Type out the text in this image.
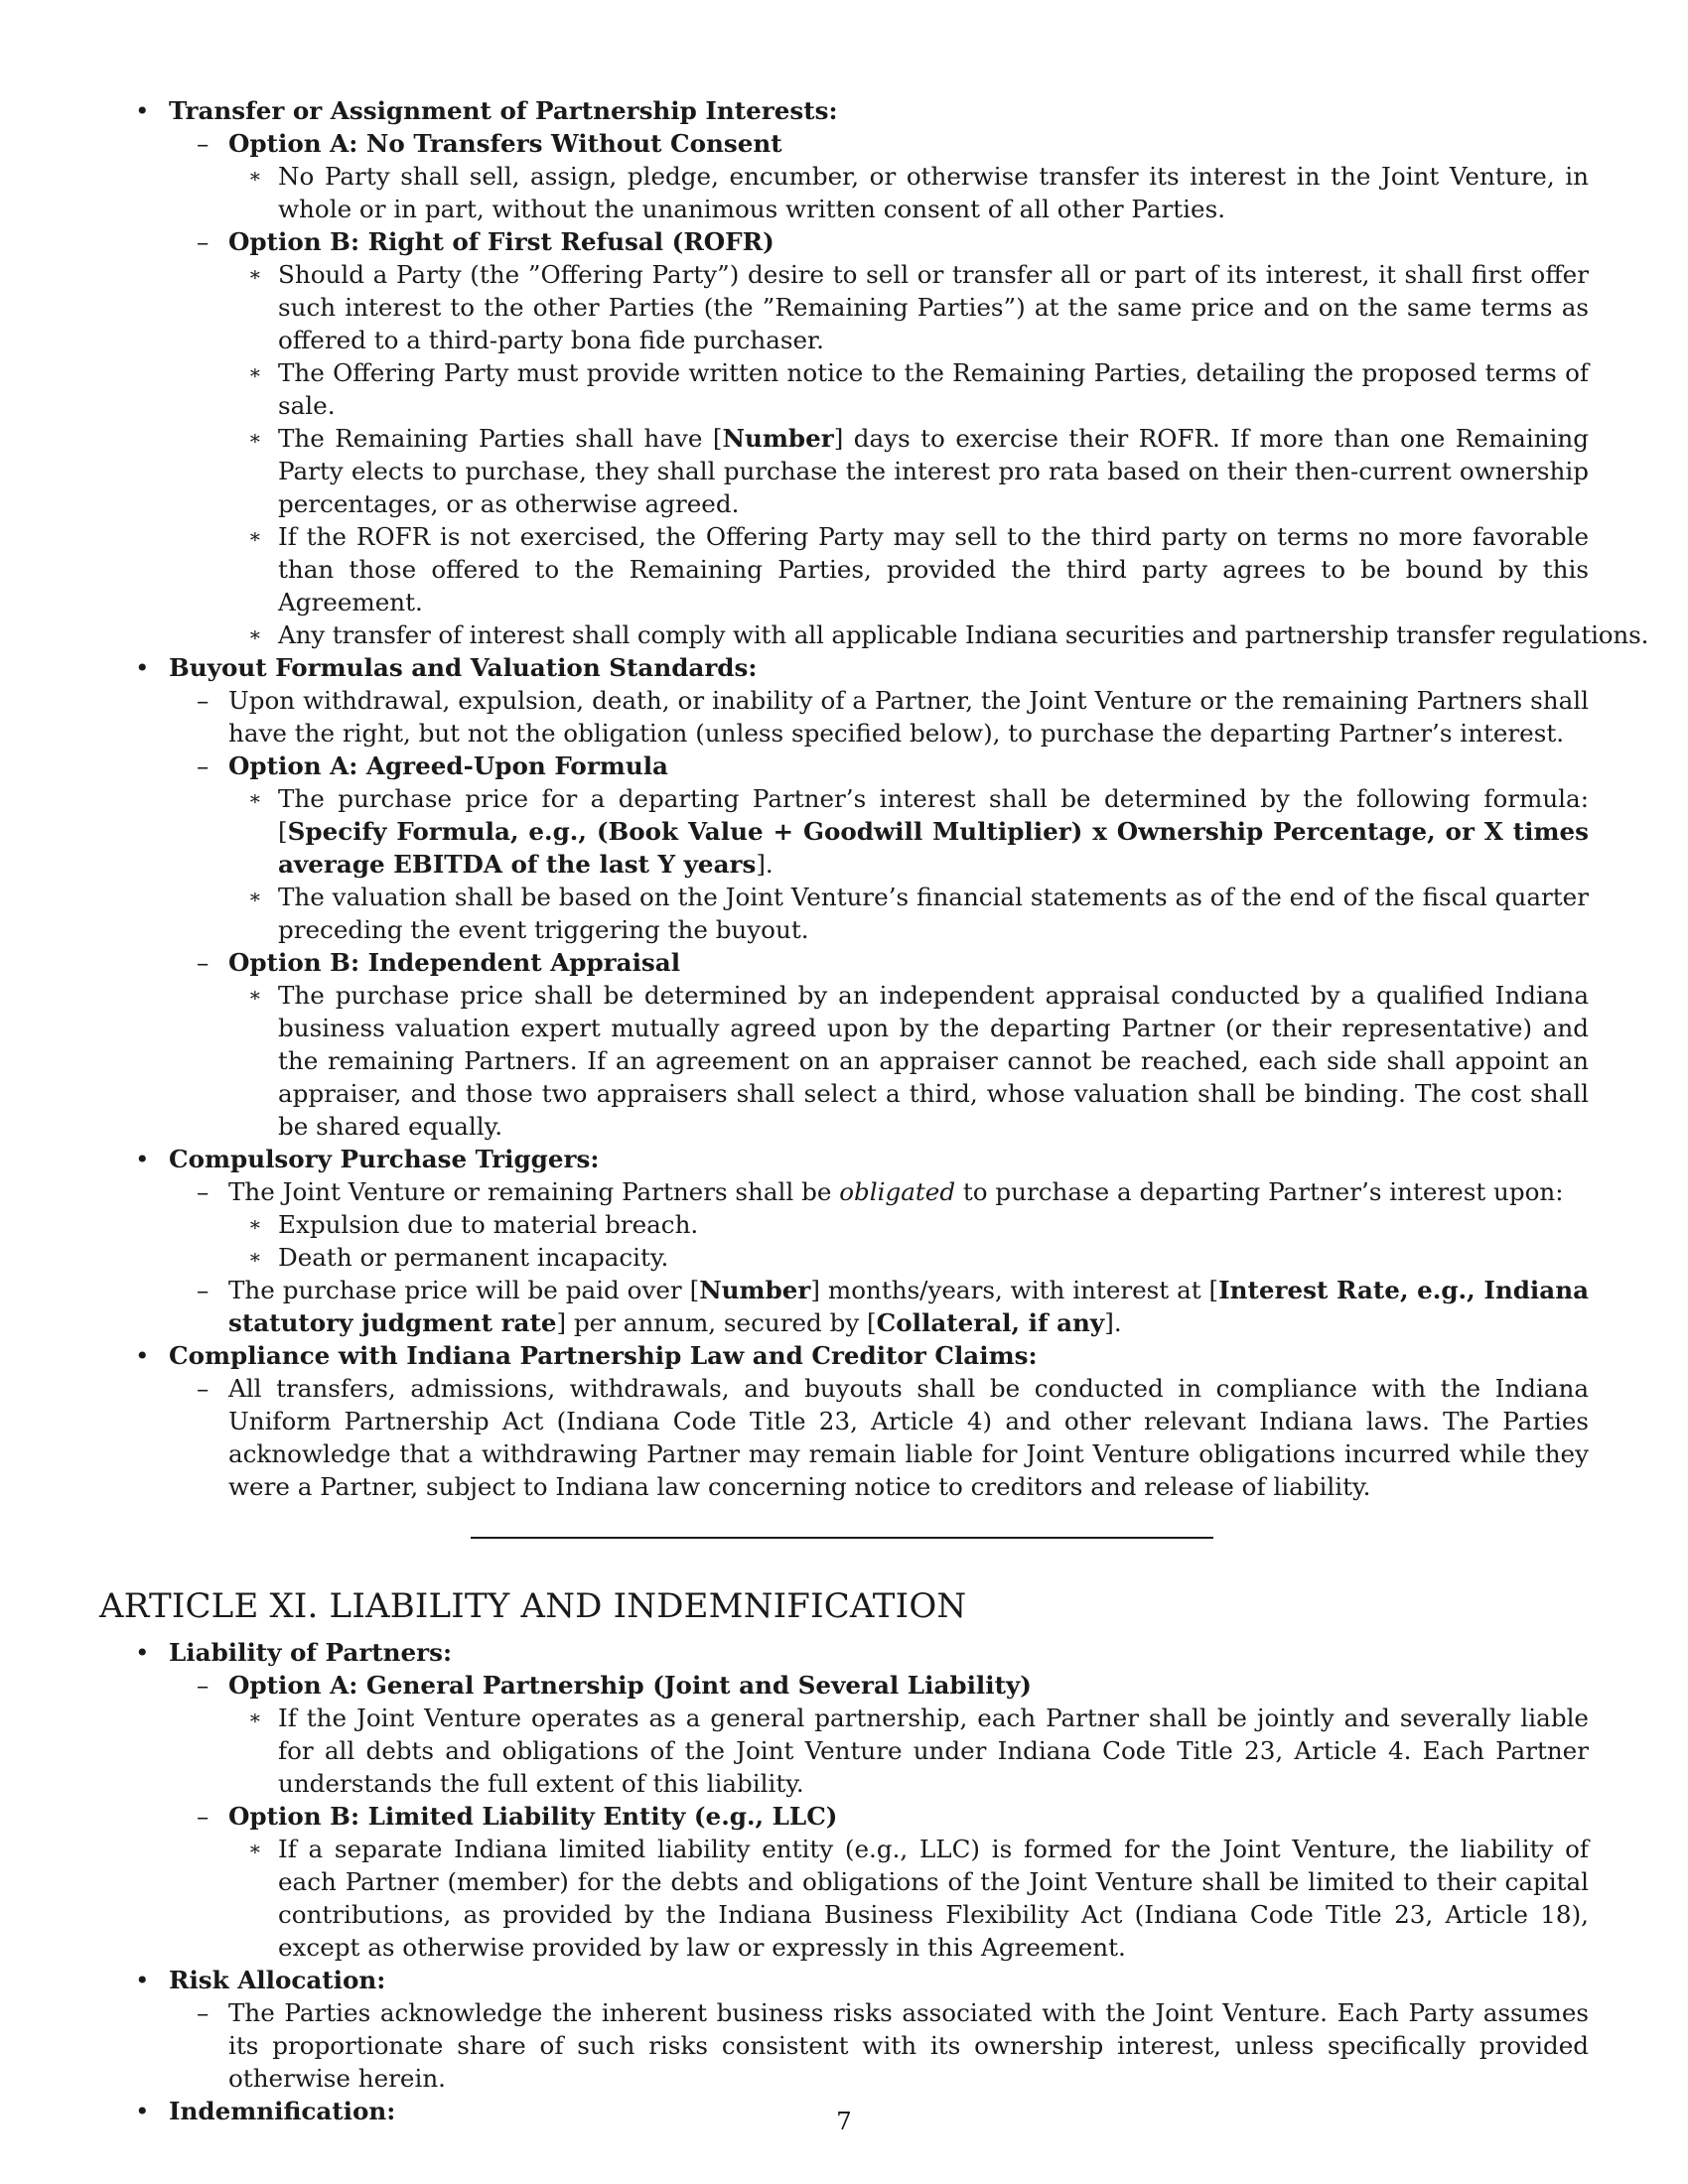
• Transfer or Assignment of Partnership Interests:
– Option A: No Transfers Without Consent
∗ No Party shall sell, assign, pledge, encumber, or otherwise transfer its interest in the Joint Venture, in whole or in part, without the unanimous written consent of all other Parties.
– Option B: Right of First Refusal (ROFR)
∗ Should a Party (the ”Offering Party”) desire to sell or transfer all or part of its interest, it shall first offer such interest to the other Parties (the ”Remaining Parties”) at the same price and on the same terms as offered to a third-party bona fide purchaser.
∗ The Offering Party must provide written notice to the Remaining Parties, detailing the proposed terms of sale.
∗ The Remaining Parties shall have [Number] days to exercise their ROFR. If more than one Remaining Party elects to purchase, they shall purchase the interest pro rata based on their then-current ownership percentages, or as otherwise agreed.
∗ If the ROFR is not exercised, the Offering Party may sell to the third party on terms no more favorable than those offered to the Remaining Parties, provided the third party agrees to be bound by this Agreement.
∗ Any transfer of interest shall comply with all applicable Indiana securities and partnership transfer regulations.
• Buyout Formulas and Valuation Standards:
– Upon withdrawal, expulsion, death, or inability of a Partner, the Joint Venture or the remaining Partners shall have the right, but not the obligation (unless specified below), to purchase the departing Partner’s interest.
– Option A: Agreed-Upon Formula
∗ The purchase price for a departing Partner’s interest shall be determined by the following formula: [Specify Formula, e.g., (Book Value + Goodwill Multiplier) x Ownership Percentage, or X times average EBITDA of the last Y years].
∗ The valuation shall be based on the Joint Venture’s financial statements as of the end of the fiscal quarter preceding the event triggering the buyout.
– Option B: Independent Appraisal
∗ The purchase price shall be determined by an independent appraisal conducted by a qualified Indiana business valuation expert mutually agreed upon by the departing Partner (or their representative) and the remaining Partners. If an agreement on an appraiser cannot be reached, each side shall appoint an appraiser, and those two appraisers shall select a third, whose valuation shall be binding. The cost shall be shared equally.
• Compulsory Purchase Triggers:
– The Joint Venture or remaining Partners shall be obligated to purchase a departing Partner’s interest upon:
∗ Expulsion due to material breach.
∗ Death or permanent incapacity.
– The purchase price will be paid over [Number] months/years, with interest at [Interest Rate, e.g., Indiana statutory judgment rate] per annum, secured by [Collateral, if any].
• Compliance with Indiana Partnership Law and Creditor Claims:
– All transfers, admissions, withdrawals, and buyouts shall be conducted in compliance with the Indiana Uniform Partnership Act (Indiana Code Title 23, Article 4) and other relevant Indiana laws. The Parties acknowledge that a withdrawing Partner may remain liable for Joint Venture obligations incurred while they were a Partner, subject to Indiana law concerning notice to creditors and release of liability.
ARTICLE XI. LIABILITY AND INDEMNIFICATION
• Liability of Partners:
– Option A: General Partnership (Joint and Several Liability)
∗ If the Joint Venture operates as a general partnership, each Partner shall be jointly and severally liable for all debts and obligations of the Joint Venture under Indiana Code Title 23, Article 4. Each Partner understands the full extent of this liability.
– Option B: Limited Liability Entity (e.g., LLC)
∗ If a separate Indiana limited liability entity (e.g., LLC) is formed for the Joint Venture, the liability of each Partner (member) for the debts and obligations of the Joint Venture shall be limited to their capital contributions, as provided by the Indiana Business Flexibility Act (Indiana Code Title 23, Article 18), except as otherwise provided by law or expressly in this Agreement.
• Risk Allocation:
– The Parties acknowledge the inherent business risks associated with the Joint Venture. Each Party assumes its proportionate share of such risks consistent with its ownership interest, unless specifically provided otherwise herein.
• Indemnification:	7
